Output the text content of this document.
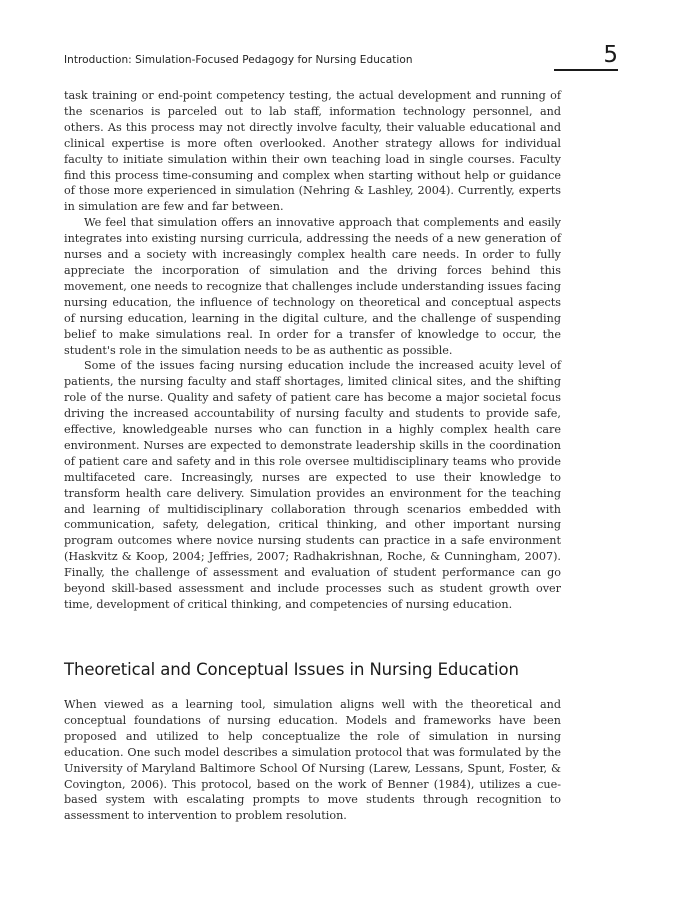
Introduction: Simulation-Focused Pedagogy for Nursing Education	5

task training or end-point competency testing, the actual development and running of the scenarios is parceled out to lab staff, information technology personnel, and others. As this process may not directly involve faculty, their valuable educational and clinical expertise is more often overlooked. Another strategy allows for individual faculty to initiate simulation within their own teaching load in single courses. Faculty find this process time-consuming and complex when starting without help or guidance of those more experienced in simulation (Nehring & Lashley, 2004). Currently, experts in simulation are few and far between.

We feel that simulation offers an innovative approach that complements and easily integrates into existing nursing curricula, addressing the needs of a new generation of nurses and a society with increasingly complex health care needs. In order to fully appreciate the incorporation of simulation and the driving forces behind this movement, one needs to recognize that challenges include understanding issues facing nursing education, the influence of technology on theoretical and conceptual aspects of nursing education, learning in the digital culture, and the challenge of suspending belief to make simulations real. In order for a transfer of knowledge to occur, the student's role in the simulation needs to be as authentic as possible.

Some of the issues facing nursing education include the increased acuity level of patients, the nursing faculty and staff shortages, limited clinical sites, and the shifting role of the nurse. Quality and safety of patient care has become a major societal focus driving the increased accountability of nursing faculty and students to provide safe, effective, knowledgeable nurses who can function in a highly complex health care environment. Nurses are expected to demonstrate leadership skills in the coordination of patient care and safety and in this role oversee multidisciplinary teams who provide multifaceted care. Increasingly, nurses are expected to use their knowledge to transform health care delivery. Simulation provides an environment for the teaching and learning of multidisciplinary collaboration through scenarios embedded with communication, safety, delegation, critical thinking, and other important nursing program outcomes where novice nursing students can practice in a safe environment (Haskvitz & Koop, 2004; Jeffries, 2007; Radhakrishnan, Roche, & Cunningham, 2007). Finally, the challenge of assessment and evaluation of student performance can go beyond skill-based assessment and include processes such as student growth over time, development of critical thinking, and competencies of nursing education.

Theoretical and Conceptual Issues in Nursing Education

When viewed as a learning tool, simulation aligns well with the theoretical and conceptual foundations of nursing education. Models and frameworks have been proposed and utilized to help conceptualize the role of simulation in nursing education. One such model describes a simulation protocol that was formulated by the University of Maryland Baltimore School Of Nursing (Larew, Lessans, Spunt, Foster, & Covington, 2006). This protocol, based on the work of Benner (1984), utilizes a cue-based system with escalating prompts to move students through recognition to assessment to intervention to problem resolution.
